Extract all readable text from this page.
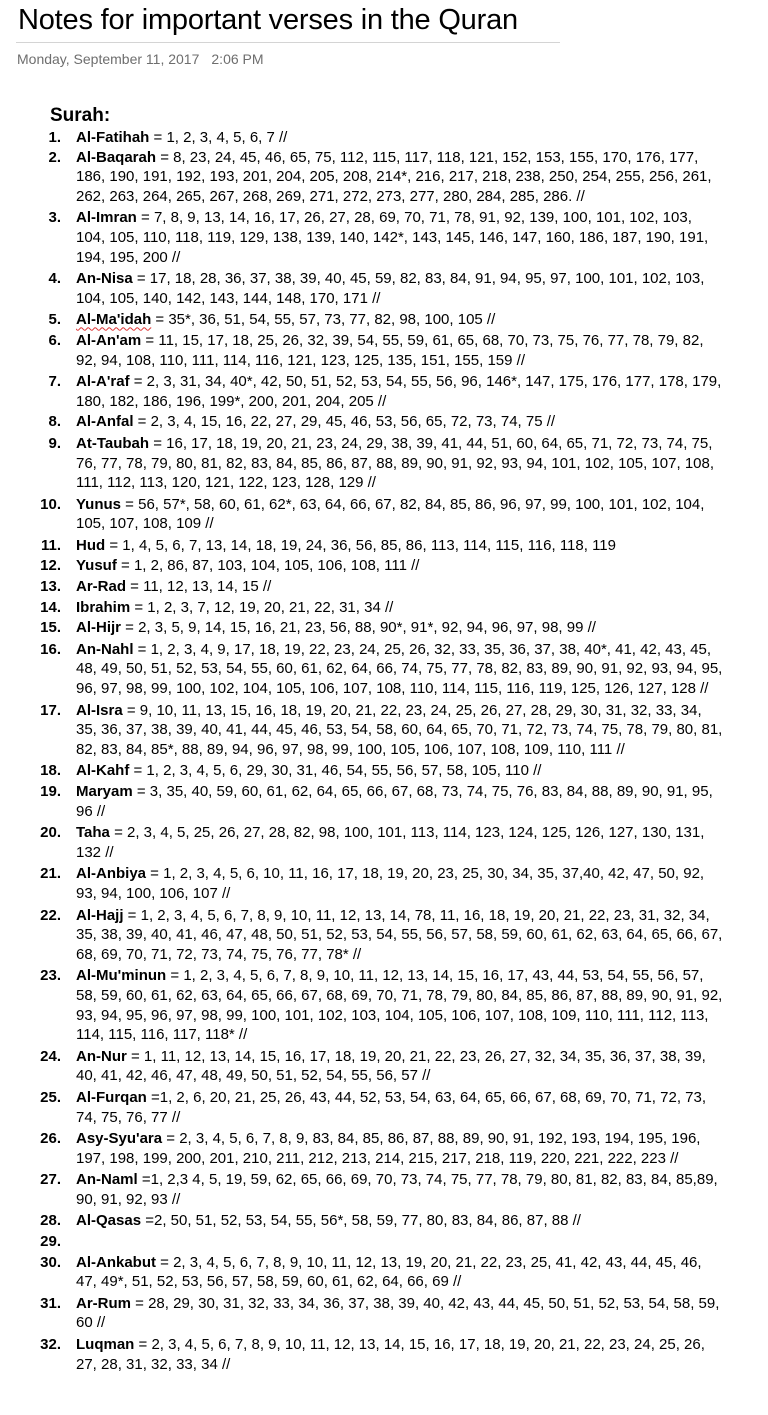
Notes for important verses in the Quran
Monday, September 11, 2017 2:06 PM
Surah:
1.	Al-Fatihah = 1, 2, 3, 4, 5, 6, 7 //
2.	Al-Baqarah = 8, 23, 24, 45, 46, 65, 75, 112, 115, 117, 118, 121, 152, 153, 155, 170, 176, 177, 186, 190, 191, 192, 193, 201, 204, 205, 208, 214*, 216, 217, 218, 238, 250, 254, 255, 256, 261, 262, 263, 264, 265, 267, 268, 269, 271, 272, 273, 277, 280, 284, 285, 286. //
3.	Al-Imran = 7, 8, 9, 13, 14, 16, 17, 26, 27, 28, 69, 70, 71, 78, 91, 92, 139, 100, 101, 102, 103, 104, 105, 110, 118, 119, 129, 138, 139, 140, 142*, 143, 145, 146, 147, 160, 186, 187, 190, 191, 194, 195, 200 //
4.	An-Nisa = 17, 18, 28, 36, 37, 38, 39, 40, 45, 59, 82, 83, 84, 91, 94, 95, 97, 100, 101, 102, 103, 104, 105, 140, 142, 143, 144, 148, 170, 171 //
5.	Al-Ma'idah = 35*, 36, 51, 54, 55, 57, 73, 77, 82, 98, 100, 105 //
6.	Al-An'am = 11, 15, 17, 18, 25, 26, 32, 39, 54, 55, 59, 61, 65, 68, 70, 73, 75, 76, 77, 78, 79, 82, 92, 94, 108, 110, 111, 114, 116, 121, 123, 125, 135, 151, 155, 159 //
7.	Al-A'raf = 2, 3, 31, 34, 40*, 42, 50, 51, 52, 53, 54, 55, 56, 96, 146*, 147, 175, 176, 177, 178, 179, 180, 182, 186, 196, 199*, 200, 201, 204, 205 //
8.	Al-Anfal = 2, 3, 4, 15, 16, 22, 27, 29, 45, 46, 53, 56, 65, 72, 73, 74, 75 //
9.	At-Taubah = 16, 17, 18, 19, 20, 21, 23, 24, 29, 38, 39, 41, 44, 51, 60, 64, 65, 71, 72, 73, 74, 75, 76, 77, 78, 79, 80, 81, 82, 83, 84, 85, 86, 87, 88, 89, 90, 91, 92, 93, 94, 101, 102, 105, 107, 108, 111, 112, 113, 120, 121, 122, 123, 128, 129 //
10.	Yunus = 56, 57*, 58, 60, 61, 62*, 63, 64, 66, 67, 82, 84, 85, 86, 96, 97, 99, 100, 101, 102, 104, 105, 107, 108, 109 //
11.	Hud = 1, 4, 5, 6, 7, 13, 14, 18, 19, 24, 36, 56, 85, 86, 113, 114, 115, 116, 118, 119
12.	Yusuf = 1, 2, 86, 87, 103, 104, 105, 106, 108, 111 //
13.	Ar-Rad = 11, 12, 13, 14, 15 //
14.	Ibrahim = 1, 2, 3, 7, 12, 19, 20, 21, 22, 31, 34 //
15.	Al-Hijr = 2, 3, 5, 9, 14, 15, 16, 21, 23, 56, 88, 90*, 91*, 92, 94, 96, 97, 98, 99 //
16.	An-Nahl = 1, 2, 3, 4, 9, 17, 18, 19, 22, 23, 24, 25, 26, 32, 33, 35, 36, 37, 38, 40*, 41, 42, 43, 45, 48, 49, 50, 51, 52, 53, 54, 55, 60, 61, 62, 64, 66, 74, 75, 77, 78, 82, 83, 89, 90, 91, 92, 93, 94, 95, 96, 97, 98, 99, 100, 102, 104, 105, 106, 107, 108, 110, 114, 115, 116, 119, 125, 126, 127, 128 //
17.	Al-Isra = 9, 10, 11, 13, 15, 16, 18, 19, 20, 21, 22, 23, 24, 25, 26, 27, 28, 29, 30, 31, 32, 33, 34, 35, 36, 37, 38, 39, 40, 41, 44, 45, 46, 53, 54, 58, 60, 64, 65, 70, 71, 72, 73, 74, 75, 78, 79, 80, 81, 82, 83, 84, 85*, 88, 89, 94, 96, 97, 98, 99, 100, 105, 106, 107, 108, 109, 110, 111 //
18.	Al-Kahf = 1, 2, 3, 4, 5, 6, 29, 30, 31, 46, 54, 55, 56, 57, 58, 105, 110 //
19.	Maryam = 3, 35, 40, 59, 60, 61, 62, 64, 65, 66, 67, 68, 73, 74, 75, 76, 83, 84, 88, 89, 90, 91, 95, 96 //
20.	Taha = 2, 3, 4, 5, 25, 26, 27, 28, 82, 98, 100, 101, 113, 114, 123, 124, 125, 126, 127, 130, 131, 132 //
21.	Al-Anbiya = 1, 2, 3, 4, 5, 6, 10, 11, 16, 17, 18, 19, 20, 23, 25, 30, 34, 35, 37,40, 42, 47, 50, 92, 93, 94, 100, 106, 107 //
22.	Al-Hajj = 1, 2, 3, 4, 5, 6, 7, 8, 9, 10, 11, 12, 13, 14, 78, 11, 16, 18, 19, 20, 21, 22, 23, 31, 32, 34, 35, 38, 39, 40, 41, 46, 47, 48, 50, 51, 52, 53, 54, 55, 56, 57, 58, 59, 60, 61, 62, 63, 64, 65, 66, 67, 68, 69, 70, 71, 72, 73, 74, 75, 76, 77, 78* //
23.	Al-Mu'minun = 1, 2, 3, 4, 5, 6, 7, 8, 9, 10, 11, 12, 13, 14, 15, 16, 17, 43, 44, 53, 54, 55, 56, 57, 58, 59, 60, 61, 62, 63, 64, 65, 66, 67, 68, 69, 70, 71, 78, 79, 80, 84, 85, 86, 87, 88, 89, 90, 91, 92, 93, 94, 95, 96, 97, 98, 99, 100, 101, 102, 103, 104, 105, 106, 107, 108, 109, 110, 111, 112, 113, 114, 115, 116, 117, 118* //
24.	An-Nur = 1, 11, 12, 13, 14, 15, 16, 17, 18, 19, 20, 21, 22, 23, 26, 27, 32, 34, 35, 36, 37, 38, 39, 40, 41, 42, 46, 47, 48, 49, 50, 51, 52, 54, 55, 56, 57 //
25.	Al-Furqan =1, 2, 6, 20, 21, 25, 26, 43, 44, 52, 53, 54, 63, 64, 65, 66, 67, 68, 69, 70, 71, 72, 73, 74, 75, 76, 77 //
26.	Asy-Syu'ara = 2, 3, 4, 5, 6, 7, 8, 9, 83, 84, 85, 86, 87, 88, 89, 90, 91, 192, 193, 194, 195, 196, 197, 198, 199, 200, 201, 210, 211, 212, 213, 214, 215, 217, 218, 119, 220, 221, 222, 223 //
27.	An-Naml =1, 2,3 4, 5, 19, 59, 62, 65, 66, 69, 70, 73, 74, 75, 77, 78, 79, 80, 81, 82, 83, 84, 85,89, 90, 91, 92, 93 //
28.	Al-Qasas =2, 50, 51, 52, 53, 54, 55, 56*, 58, 59, 77, 80, 83, 84, 86, 87, 88 //
29.
30.	Al-Ankabut = 2, 3, 4, 5, 6, 7, 8, 9, 10, 11, 12, 13, 19, 20, 21, 22, 23, 25, 41, 42, 43, 44, 45, 46, 47, 49*, 51, 52, 53, 56, 57, 58, 59, 60, 61, 62, 64, 66, 69 //
31.	Ar-Rum = 28, 29, 30, 31, 32, 33, 34, 36, 37, 38, 39, 40, 42, 43, 44, 45, 50, 51, 52, 53, 54, 58, 59, 60 //
32.	Luqman = 2, 3, 4, 5, 6, 7, 8, 9, 10, 11, 12, 13, 14, 15, 16, 17, 18, 19, 20, 21, 22, 23, 24, 25, 26, 27, 28, 31, 32, 33, 34 //
